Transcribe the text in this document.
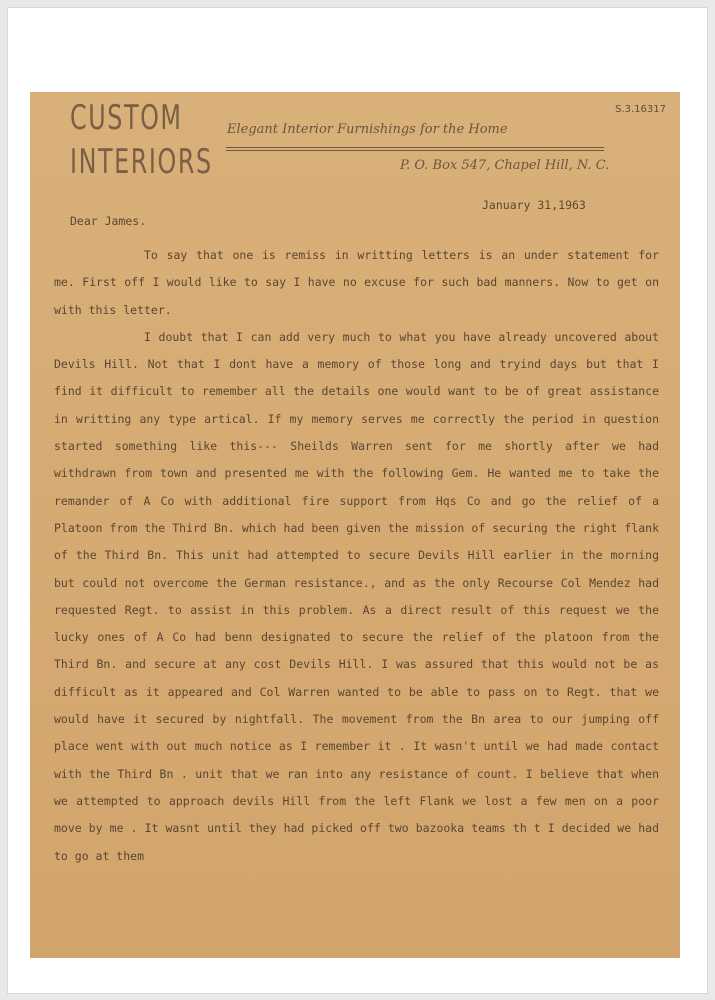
S.3.16317
CUSTOM
INTERIORS
Elegant Interior Furnishings for the Home
P. O. Box 547, Chapel Hill, N. C.
January 31,1963
Dear James.

To say that one is remiss in writting letters is an under statement for me. First off I would like to say I have no excuse for such bad manners. Now to get on with this letter.

I doubt that I can add very much to what you have already uncovered about Devils Hill. Not that I dont have a memory of those long and tryind days but that I find it difficult to remember all the details one would want to be of great assistance in writting any type artical. If my memory serves me correctly the period in question started something like this--- Sheilds Warren sent for me shortly after we had withdrawn from town and presented me with the following Gem. He wanted me to take the remander of A Co with additional fire support from Hqs Co and go the relief of a Platoon from the Third Bn. which had been given the mission of securing the right flank of the Third Bn. This unit had attempted to secure Devils Hill earlier in the morning but could not overcome the German resistance., and as the only Recourse Col Mendez had requested Regt. to assist in this problem. As a direct result of this request we the lucky ones of A Co had benn designated to secure the relief of the platoon from the Third Bn. and secure at any cost Devils Hill. I was assured that this would not be as difficult as it appeared and Col Warren wanted to be able to pass on to Regt. that we would have it secured by nightfall. The movement from the Bn area to our jumping off place went with out much notice as I remember it . It wasn't until we had made contact with the Third Bn . unit that we ran into any resistance of count. I believe that when we attempted to approach devils Hill from the left Flank we lost a few men on a poor move by me . It wasnt until they had picked off two bazooka teams th t I decided we had to go at them
